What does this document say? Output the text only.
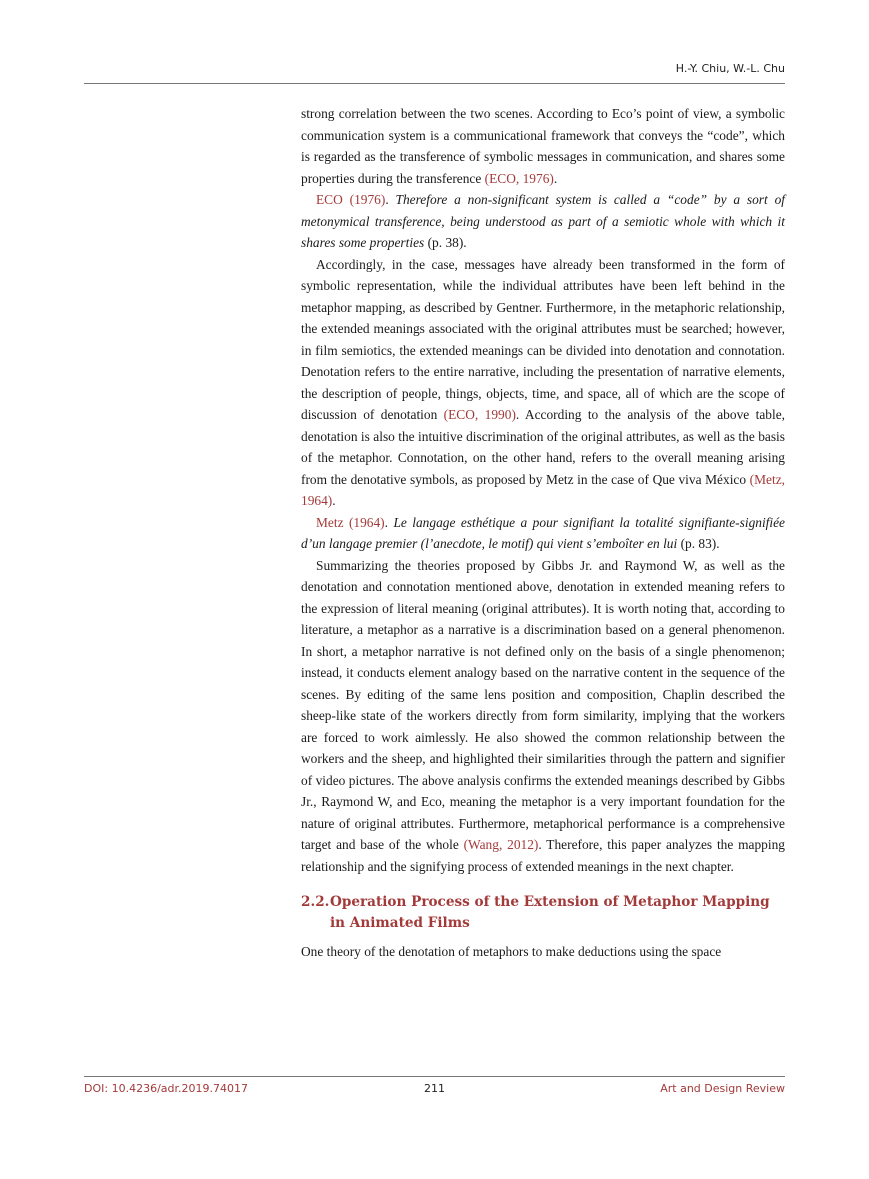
H.-Y. Chiu, W.-L. Chu

strong correlation between the two scenes. According to Eco’s point of view, a symbolic communication system is a communicational framework that conveys the “code”, which is regarded as the transference of symbolic messages in communication, and shares some properties during the transference (ECO, 1976).

ECO (1976). Therefore a non-significant system is called a “code” by a sort of metonymical transference, being understood as part of a semiotic whole with which it shares some properties (p. 38).

Accordingly, in the case, messages have already been transformed in the form of symbolic representation, while the individual attributes have been left behind in the metaphor mapping, as described by Gentner. Furthermore, in the metaphoric relationship, the extended meanings associated with the original attributes must be searched; however, in film semiotics, the extended meanings can be divided into denotation and connotation. Denotation refers to the entire narrative, including the presentation of narrative elements, the description of people, things, objects, time, and space, all of which are the scope of discussion of denotation (ECO, 1990). According to the analysis of the above table, denotation is also the intuitive discrimination of the original attributes, as well as the basis of the metaphor. Connotation, on the other hand, refers to the overall meaning arising from the denotative symbols, as proposed by Metz in the case of Que viva México (Metz, 1964).

Metz (1964). Le langage esthétique a pour signifiant la totalité signifiante-signifiée d’un langage premier (l’anecdote, le motif) qui vient s’emboîter en lui (p. 83).

Summarizing the theories proposed by Gibbs Jr. and Raymond W, as well as the denotation and connotation mentioned above, denotation in extended meaning refers to the expression of literal meaning (original attributes). It is worth noting that, according to literature, a metaphor as a narrative is a discrimination based on a general phenomenon. In short, a metaphor narrative is not defined only on the basis of a single phenomenon; instead, it conducts element analogy based on the narrative content in the sequence of the scenes. By editing of the same lens position and composition, Chaplin described the sheep-like state of the workers directly from form similarity, implying that the workers are forced to work aimlessly. He also showed the common relationship between the workers and the sheep, and highlighted their similarities through the pattern and signifier of video pictures. The above analysis confirms the extended meanings described by Gibbs Jr., Raymond W, and Eco, meaning the metaphor is a very important foundation for the nature of original attributes. Furthermore, metaphorical performance is a comprehensive target and base of the whole (Wang, 2012). Therefore, this paper analyzes the mapping relationship and the signifying process of extended meanings in the next chapter.

2.2.Operation Process of the Extension of Metaphor Mapping in Animated Films

One theory of the denotation of metaphors to make deductions using the space

DOI: 10.4236/adr.2019.74017	211	Art and Design Review
